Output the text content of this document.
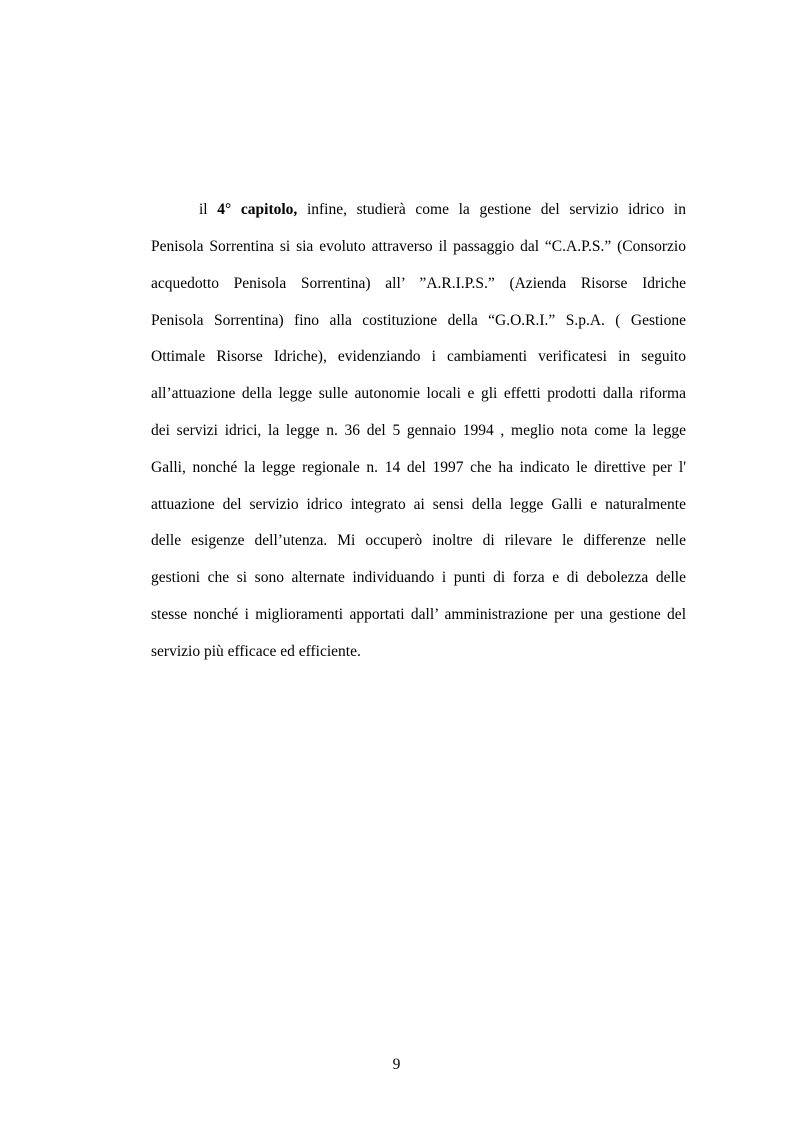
il 4° capitolo, infine, studierà come la gestione del servizio idrico in
Penisola Sorrentina si sia evoluto attraverso il passaggio dal “C.A.P.S.” (Consorzio
acquedotto Penisola Sorrentina) all’ ”A.R.I.P.S.” (Azienda Risorse Idriche
Penisola Sorrentina) fino alla costituzione della “G.O.R.I.” S.p.A. ( Gestione
Ottimale Risorse Idriche), evidenziando i cambiamenti verificatesi in seguito
all’attuazione della legge sulle autonomie locali e gli effetti prodotti dalla riforma
dei servizi idrici, la legge n. 36 del 5 gennaio 1994 , meglio nota come la legge
Galli, nonché la legge regionale n. 14 del 1997 che ha indicato le direttive per l'
attuazione del servizio idrico integrato ai sensi della legge Galli e naturalmente
delle esigenze dell’utenza. Mi occuperò inoltre di rilevare le differenze nelle
gestioni che si sono alternate individuando i punti di forza e di debolezza delle
stesse nonché i miglioramenti apportati dall’ amministrazione per una gestione del
servizio più efficace ed efficiente.
9
